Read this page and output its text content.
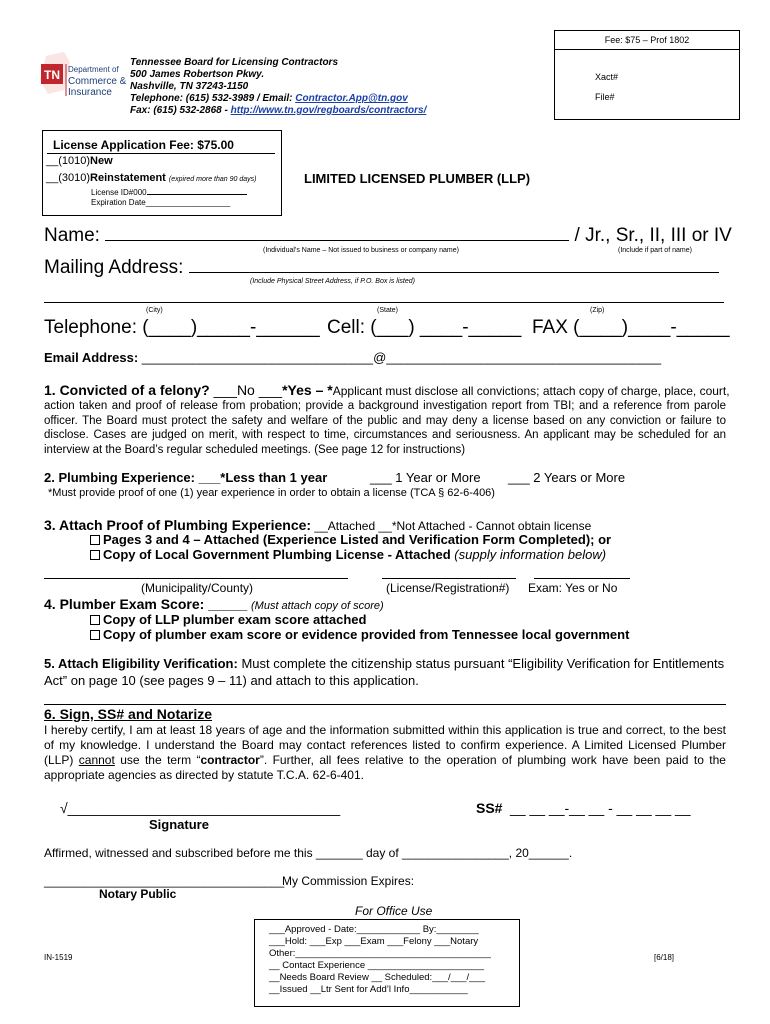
Fee: $75 – Prof 1802
Xact#
File#
TN Department of
Commerce &
Insurance
Tennessee Board for Licensing Contractors
500 James Robertson Pkwy.
Nashville, TN 37243-1150
Telephone: (615) 532-3989 / Email: Contractor.App@tn.gov
Fax: (615) 532-2868 - http://www.tn.gov/regboards/contractors/
License Application Fee: $75.00
__(1010)New
__(3010)Reinstatement (expired more than 90 days)
License ID#000
Expiration Date___________________
LIMITED LICENSED PLUMBER (LLP)
Name:	/ Jr., Sr., II, III or IV
(Individual’s Name – Not issued to business or company name)	(Include if part of name)
Mailing Address:
(Include Physical Street Address, if P.O. Box is listed)
(City)	(State)	(Zip)
Telephone: (____)_____-______ Cell: (___) ____-_____ FAX (____)____-_____
Email Address: ________________________________@______________________________________
1. Convicted of a felony? ___No ___*Yes – *Applicant must disclose all convictions; attach copy of charge, place, court,
action taken and proof of release from probation; provide a background investigation report from TBI; and a reference from parole officer. The Board must protect the safety and welfare of the public and may deny a license based on any conviction or failure to disclose. Cases are judged on merit, with respect to time, circumstances and seriousness. An applicant may be scheduled for an interview at the Board’s regular scheduled meetings. (See page 12 for instructions)
2. Plumbing Experience: ___*Less than 1 year	___ 1 Year or More ___ 2 Years or More
*Must provide proof of one (1) year experience in order to obtain a license (TCA § 62-6-406)
3. Attach Proof of Plumbing Experience: __Attached __*Not Attached - Cannot obtain license
Pages 3 and 4 – Attached (Experience Listed and Verification Form Completed); or
Copy of Local Government Plumbing License - Attached (supply information below)
(Municipality/County)	(License/Registration#) Exam: Yes or No
4. Plumber Exam Score: _____ (Must attach copy of score)
Copy of LLP plumber exam score attached
Copy of plumber exam score or evidence provided from Tennessee local government
5. Attach Eligibility Verification: Must complete the citizenship status pursuant “Eligibility Verification for Entitlements Act” on page 10 (see pages 9 – 11) and attach to this application.
6. Sign, SS# and Notarize
I hereby certify, I am at least 18 years of age and the information submitted within this application is true and correct, to the best of my knowledge. I understand the Board may contact references listed to confirm experience. A Limited Licensed Plumber (LLP) cannot use the term “contractor”. Further, all fees relative to the operation of plumbing work have been paid to the appropriate agencies as directed by statute T.C.A. 62-6-401.
√___________________________________
Signature
SS# __ __ __-__ __ - __ __ __ __
Affirmed, witnessed and subscribed before me this _______ day of ________________, 20______.
____________________________________
My Commission Expires:
Notary Public
For Office Use
___Approved - Date:____________ By:________
___Hold: ___Exp ___Exam ___Felony ___Notary
Other:_____________________________________
__ Contact Experience ______________________
__Needs Board Review __ Scheduled:___/___/___
__Issued __Ltr Sent for Add’l Info___________
IN-1519	[6/18]
